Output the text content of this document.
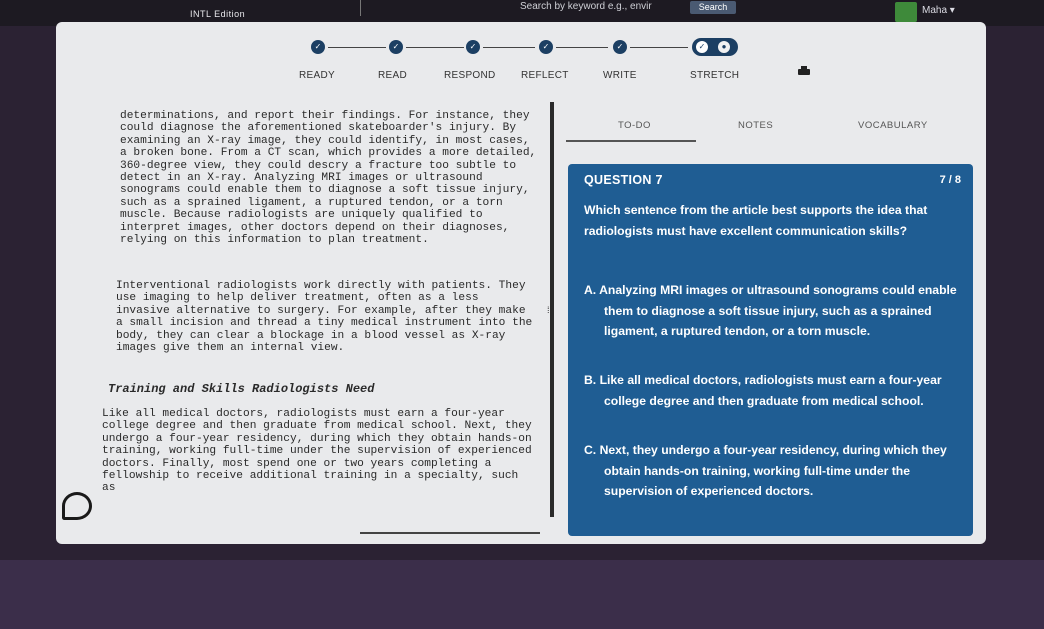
INTL Edition
Search by keyword e.g., envir	Search	Maha ▾
✓	✓	✓	✓	✓	✓	●
READY	READ	RESPOND	REFLECT	WRITE	STRETCH

determinations, and report their findings. For instance, they could diagnose the aforementioned skateboarder's injury. By examining an X-ray image, they could identify, in most cases, a broken bone. From a CT scan, which provides a more detailed, 360-degree view, they could descry a fracture too subtle to detect in an X-ray. Analyzing MRI images or ultrasound sonograms could enable them to diagnose a soft tissue injury, such as a sprained ligament, a ruptured tendon, or a torn muscle. Because radiologists are uniquely qualified to interpret images, other doctors depend on their diagnoses, relying on this information to plan treatment.

Interventional radiologists work directly with patients. They use imaging to help deliver treatment, often as a less invasive alternative to surgery. For example, after they make a small incision and thread a tiny medical instrument into the body, they can clear a blockage in a blood vessel as X-ray images give them an internal view.

Training and Skills Radiologists Need

Like all medical doctors, radiologists must earn a four-year college degree and then graduate from medical school. Next, they undergo a four-year residency, during which they obtain hands-on training, working full-time under the supervision of experienced doctors. Finally, most spend one or two years completing a fellowship to receive additional training in a specialty, such as

⁞
TO-DO	NOTES	VOCABULARY
QUESTION 7	7 / 8
Which sentence from the article best supports the idea that radiologists must have excellent communication skills?
A. Analyzing MRI images or ultrasound sonograms could enable them to diagnose a soft tissue injury, such as a sprained ligament, a ruptured tendon, or a torn muscle.
B. Like all medical doctors, radiologists must earn a four-year college degree and then graduate from medical school.
C. Next, they undergo a four-year residency, during which they obtain hands-on training, working full-time under the supervision of experienced doctors.
